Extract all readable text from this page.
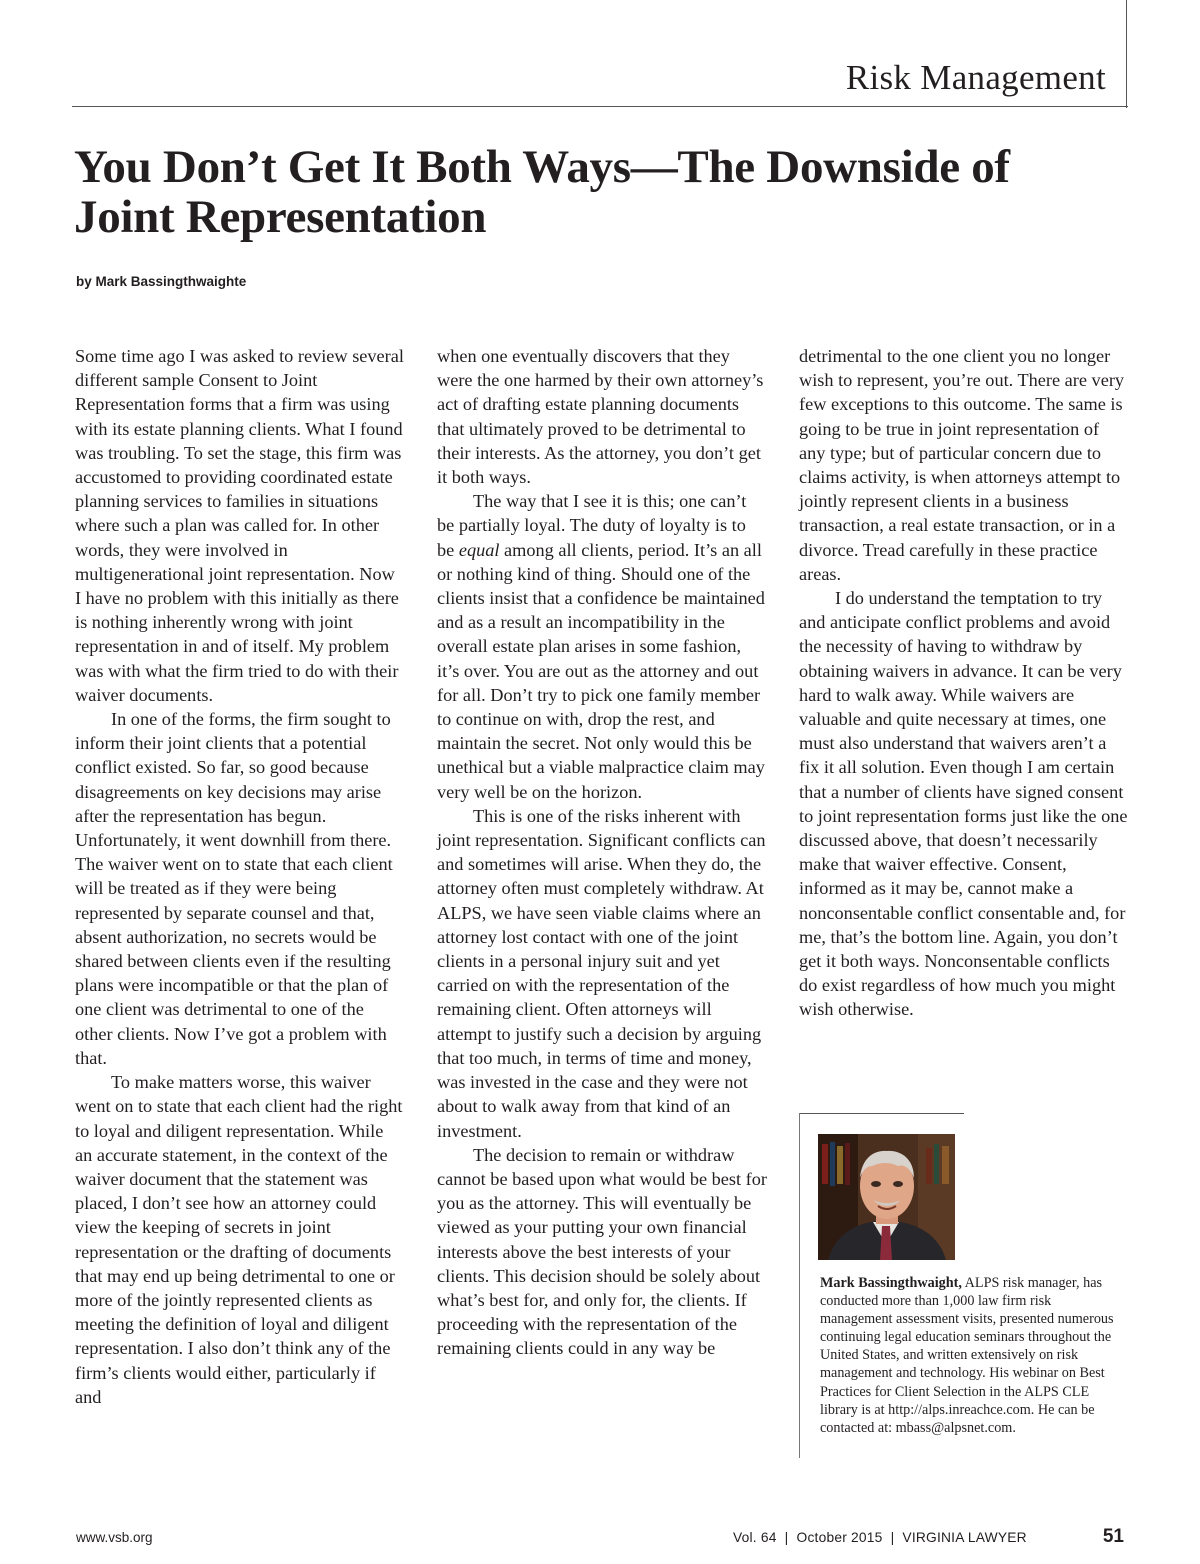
Risk Management
You Don’t Get It Both Ways—The Downside of
Joint Representation
by Mark Bassingthwaighte

Some time ago I was asked to review several different sample Consent to Joint Representation forms that a firm was using with its estate planning clients. What I found was troubling. To set the stage, this firm was accustomed to providing coordinated estate planning services to families in situations where such a plan was called for. In other words, they were involved in multigenerational joint representation. Now I have no problem with this initially as there is nothing inherently wrong with joint representation in and of itself. My problem was with what the firm tried to do with their waiver documents.

In one of the forms, the firm sought to inform their joint clients that a potential conflict existed. So far, so good because disagreements on key decisions may arise after the representation has begun. Unfortunately, it went downhill from there. The waiver went on to state that each client will be treated as if they were being represented by separate counsel and that, absent authorization, no secrets would be shared between clients even if the resulting plans were incompatible or that the plan of one client was detrimental to one of the other clients. Now I’ve got a problem with that.

To make matters worse, this waiver went on to state that each client had the right to loyal and diligent representation. While an accurate statement, in the context of the waiver document that the statement was placed, I don’t see how an attorney could view the keeping of secrets in joint representation or the drafting of documents that may end up being detrimental to one or more of the jointly represented clients as meeting the definition of loyal and diligent representation. I also don’t think any of the firm’s clients would either, particularly if and

when one eventually discovers that they were the one harmed by their own attorney’s act of drafting estate planning documents that ultimately proved to be detrimental to their interests. As the attorney, you don’t get it both ways.

The way that I see it is this; one can’t be partially loyal. The duty of loyalty is to be equal among all clients, period. It’s an all or nothing kind of thing. Should one of the clients insist that a confidence be maintained and as a result an incompatibility in the overall estate plan arises in some fashion, it’s over. You are out as the attorney and out for all. Don’t try to pick one family member to continue on with, drop the rest, and maintain the secret. Not only would this be unethical but a viable malpractice claim may very well be on the horizon.

This is one of the risks inherent with joint representation. Significant conflicts can and sometimes will arise. When they do, the attorney often must completely withdraw. At ALPS, we have seen viable claims where an attorney lost contact with one of the joint clients in a personal injury suit and yet carried on with the representation of the remaining client. Often attorneys will attempt to justify such a decision by arguing that too much, in terms of time and money, was invested in the case and they were not about to walk away from that kind of an investment.

The decision to remain or withdraw cannot be based upon what would be best for you as the attorney. This will eventually be viewed as your putting your own financial interests above the best interests of your clients. This decision should be solely about what’s best for, and only for, the clients. If proceeding with the representation of the remaining clients could in any way be

detrimental to the one client you no longer wish to represent, you’re out. There are very few exceptions to this outcome. The same is going to be true in joint representation of any type; but of particular concern due to claims activity, is when attorneys attempt to jointly represent clients in a business transaction, a real estate transaction, or in a divorce. Tread carefully in these practice areas.

I do understand the temptation to try and anticipate conflict problems and avoid the necessity of having to withdraw by obtaining waivers in advance. It can be very hard to walk away. While waivers are valuable and quite necessary at times, one must also understand that waivers aren’t a fix it all solution. Even though I am certain that a number of clients have signed consent to joint representation forms just like the one discussed above, that doesn’t necessarily make that waiver effective. Consent, informed as it may be, cannot make a nonconsentable conflict consentable and, for me, that’s the bottom line. Again, you don’t get it both ways. Nonconsentable conflicts do exist regardless of how much you might wish otherwise.

Mark Bassingthwaight, ALPS risk manager, has conducted more than 1,000 law firm risk management assessment visits, presented numerous continuing legal education seminars throughout the United States, and written extensively on risk management and technology. His webinar on Best Practices for Client Selection in the ALPS CLE library is at http://alps.inreachce.com. He can be contacted at: mbass@alpsnet.com.

www.vsb.org	Vol. 64  |  October 2015  |  VIRGINIA LAWYER	51
